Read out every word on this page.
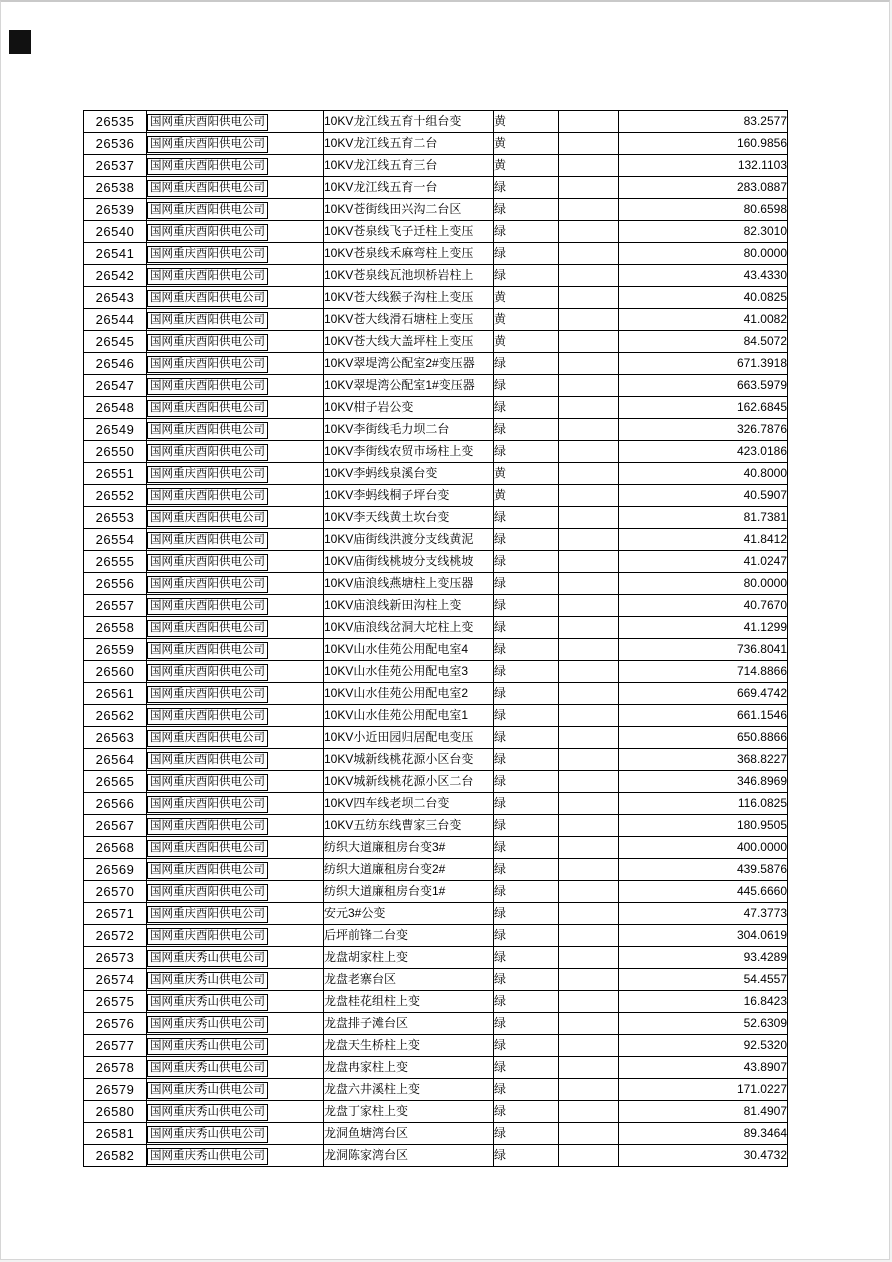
26535	国网重庆酉阳供电公司	10KV龙江线五育十组台变	黄		83.2577
26536	国网重庆酉阳供电公司	10KV龙江线五育二台	黄		160.9856
26537	国网重庆酉阳供电公司	10KV龙江线五育三台	黄		132.1103
26538	国网重庆酉阳供电公司	10KV龙江线五育一台	绿		283.0887
26539	国网重庆酉阳供电公司	10KV苍街线田兴沟二台区	绿		80.6598
26540	国网重庆酉阳供电公司	10KV苍泉线飞子迁柱上变压	绿		82.3010
26541	国网重庆酉阳供电公司	10KV苍泉线禾麻弯柱上变压	绿		80.0000
26542	国网重庆酉阳供电公司	10KV苍泉线瓦池坝桥岩柱上	绿		43.4330
26543	国网重庆酉阳供电公司	10KV苍大线猴子沟柱上变压	黄		40.0825
26544	国网重庆酉阳供电公司	10KV苍大线滑石塘柱上变压	黄		41.0082
26545	国网重庆酉阳供电公司	10KV苍大线大盖坪柱上变压	黄		84.5072
26546	国网重庆酉阳供电公司	10KV翠堤湾公配室2#变压器	绿		671.3918
26547	国网重庆酉阳供电公司	10KV翠堤湾公配室1#变压器	绿		663.5979
26548	国网重庆酉阳供电公司	10KV柑子岩公变	绿		162.6845
26549	国网重庆酉阳供电公司	10KV李街线毛力坝二台	绿		326.7876
26550	国网重庆酉阳供电公司	10KV李街线农贸市场柱上变	绿		423.0186
26551	国网重庆酉阳供电公司	10KV李蚂线泉溪台变	黄		40.8000
26552	国网重庆酉阳供电公司	10KV李蚂线桐子坪台变	黄		40.5907
26553	国网重庆酉阳供电公司	10KV李天线黄土坎台变	绿		81.7381
26554	国网重庆酉阳供电公司	10KV庙街线洪渡分支线黄泥	绿		41.8412
26555	国网重庆酉阳供电公司	10KV庙街线桃坡分支线桃坡	绿		41.0247
26556	国网重庆酉阳供电公司	10KV庙浪线燕塘柱上变压器	绿		80.0000
26557	国网重庆酉阳供电公司	10KV庙浪线新田沟柱上变	绿		40.7670
26558	国网重庆酉阳供电公司	10KV庙浪线岔洞大坨柱上变	绿		41.1299
26559	国网重庆酉阳供电公司	10KV山水佳苑公用配电室4	绿		736.8041
26560	国网重庆酉阳供电公司	10KV山水佳苑公用配电室3	绿		714.8866
26561	国网重庆酉阳供电公司	10KV山水佳苑公用配电室2	绿		669.4742
26562	国网重庆酉阳供电公司	10KV山水佳苑公用配电室1	绿		661.1546
26563	国网重庆酉阳供电公司	10KV小近田园归居配电变压	绿		650.8866
26564	国网重庆酉阳供电公司	10KV城新线桃花源小区台变	绿		368.8227
26565	国网重庆酉阳供电公司	10KV城新线桃花源小区二台	绿		346.8969
26566	国网重庆酉阳供电公司	10KV四车线老坝二台变	绿		116.0825
26567	国网重庆酉阳供电公司	10KV五纺东线曹家三台变	绿		180.9505
26568	国网重庆酉阳供电公司	纺织大道廉租房台变3#	绿		400.0000
26569	国网重庆酉阳供电公司	纺织大道廉租房台变2#	绿		439.5876
26570	国网重庆酉阳供电公司	纺织大道廉租房台变1#	绿		445.6660
26571	国网重庆酉阳供电公司	安元3#公变	绿		47.3773
26572	国网重庆酉阳供电公司	后坪前锋二台变	绿		304.0619
26573	国网重庆秀山供电公司	龙盘胡家柱上变	绿		93.4289
26574	国网重庆秀山供电公司	龙盘老寨台区	绿		54.4557
26575	国网重庆秀山供电公司	龙盘桂花组柱上变	绿		16.8423
26576	国网重庆秀山供电公司	龙盘排子滩台区	绿		52.6309
26577	国网重庆秀山供电公司	龙盘天生桥柱上变	绿		92.5320
26578	国网重庆秀山供电公司	龙盘冉家柱上变	绿		43.8907
26579	国网重庆秀山供电公司	龙盘六井溪柱上变	绿		171.0227
26580	国网重庆秀山供电公司	龙盘丁家柱上变	绿		81.4907
26581	国网重庆秀山供电公司	龙洞鱼塘湾台区	绿		89.3464
26582	国网重庆秀山供电公司	龙洞陈家湾台区	绿		30.4732
